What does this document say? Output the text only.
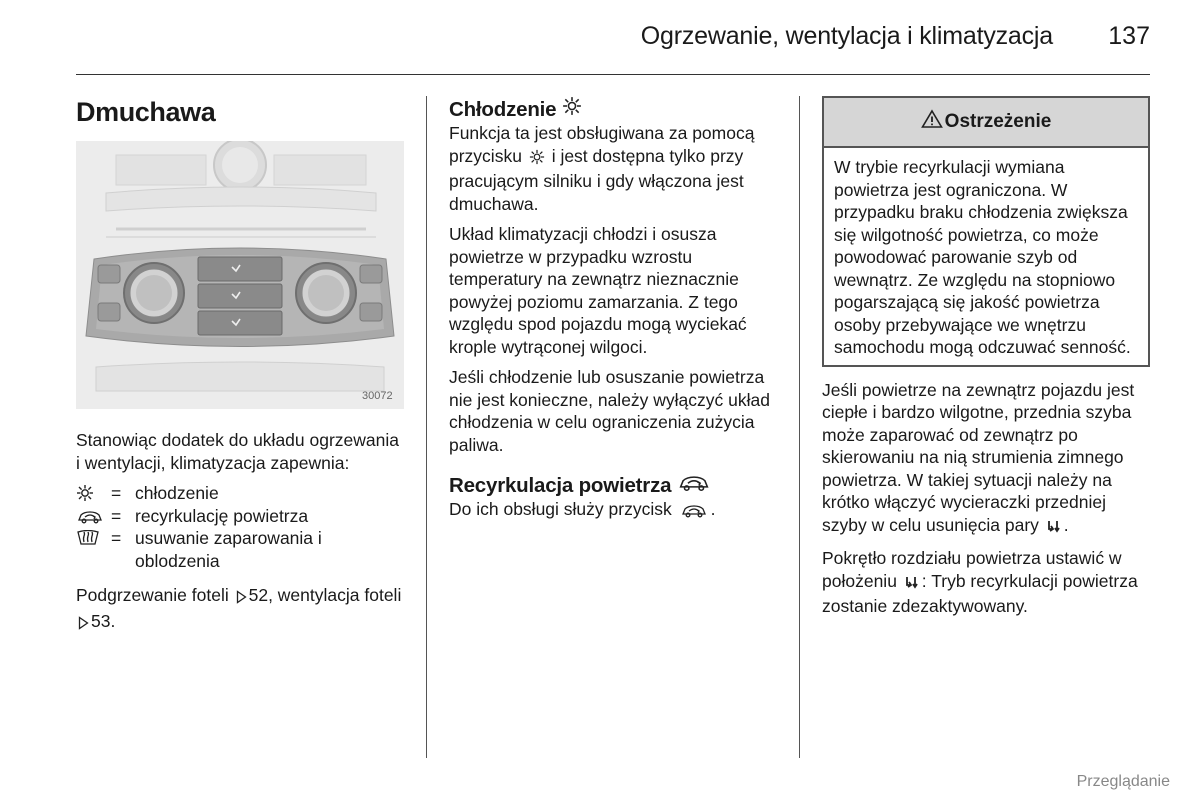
Ogrzewanie, wentylacja i klimatyzacja 137
Dmuchawa
30072

Stanowiąc dodatek do układu ogrzewania i wentylacji, klimatyzacja zapewnia:

= chłodzenie
= recyrkulację powietrza
= usuwanie zaparowania i oblodzenia

Podgrzewanie foteli 52, wentylacja foteli 53.

Chłodzenie

Funkcja ta jest obsługiwana za pomocą przycisku i jest dostępna tylko przy pracującym silniku i gdy włączona jest dmuchawa.

Układ klimatyzacji chłodzi i osusza powietrze w przypadku wzrostu temperatury na zewnątrz nieznacznie powyżej poziomu zamarzania. Z tego względu spod pojazdu mogą wyciekać krople wytrąconej wilgoci.

Jeśli chłodzenie lub osuszanie powietrza nie jest konieczne, należy wyłączyć układ chłodzenia w celu ograniczenia zużycia paliwa.

Recyrkulacja powietrza

Do ich obsługi służy przycisk .

Ostrzeżenie
W trybie recyrkulacji wymiana powietrza jest ograniczona. W przypadku braku chłodzenia zwiększa się wilgotność powietrza, co może powodować parowanie szyb od wewnątrz. Ze względu na stopniowo pogarszającą się jakość powietrza osoby przebywające we wnętrzu samochodu mogą odczuwać senność.

Jeśli powietrze na zewnątrz pojazdu jest ciepłe i bardzo wilgotne, przednia szyba może zaparować od zewnątrz po skierowaniu na nią strumienia zimnego powietrza. W takiej sytuacji należy na krótko włączyć wycieraczki przedniej szyby w celu usunięcia pary .

Pokrętło rozdziału powietrza ustawić w położeniu : Tryb recyrkulacji powietrza zostanie zdezaktywowany.

Przeglądanie
